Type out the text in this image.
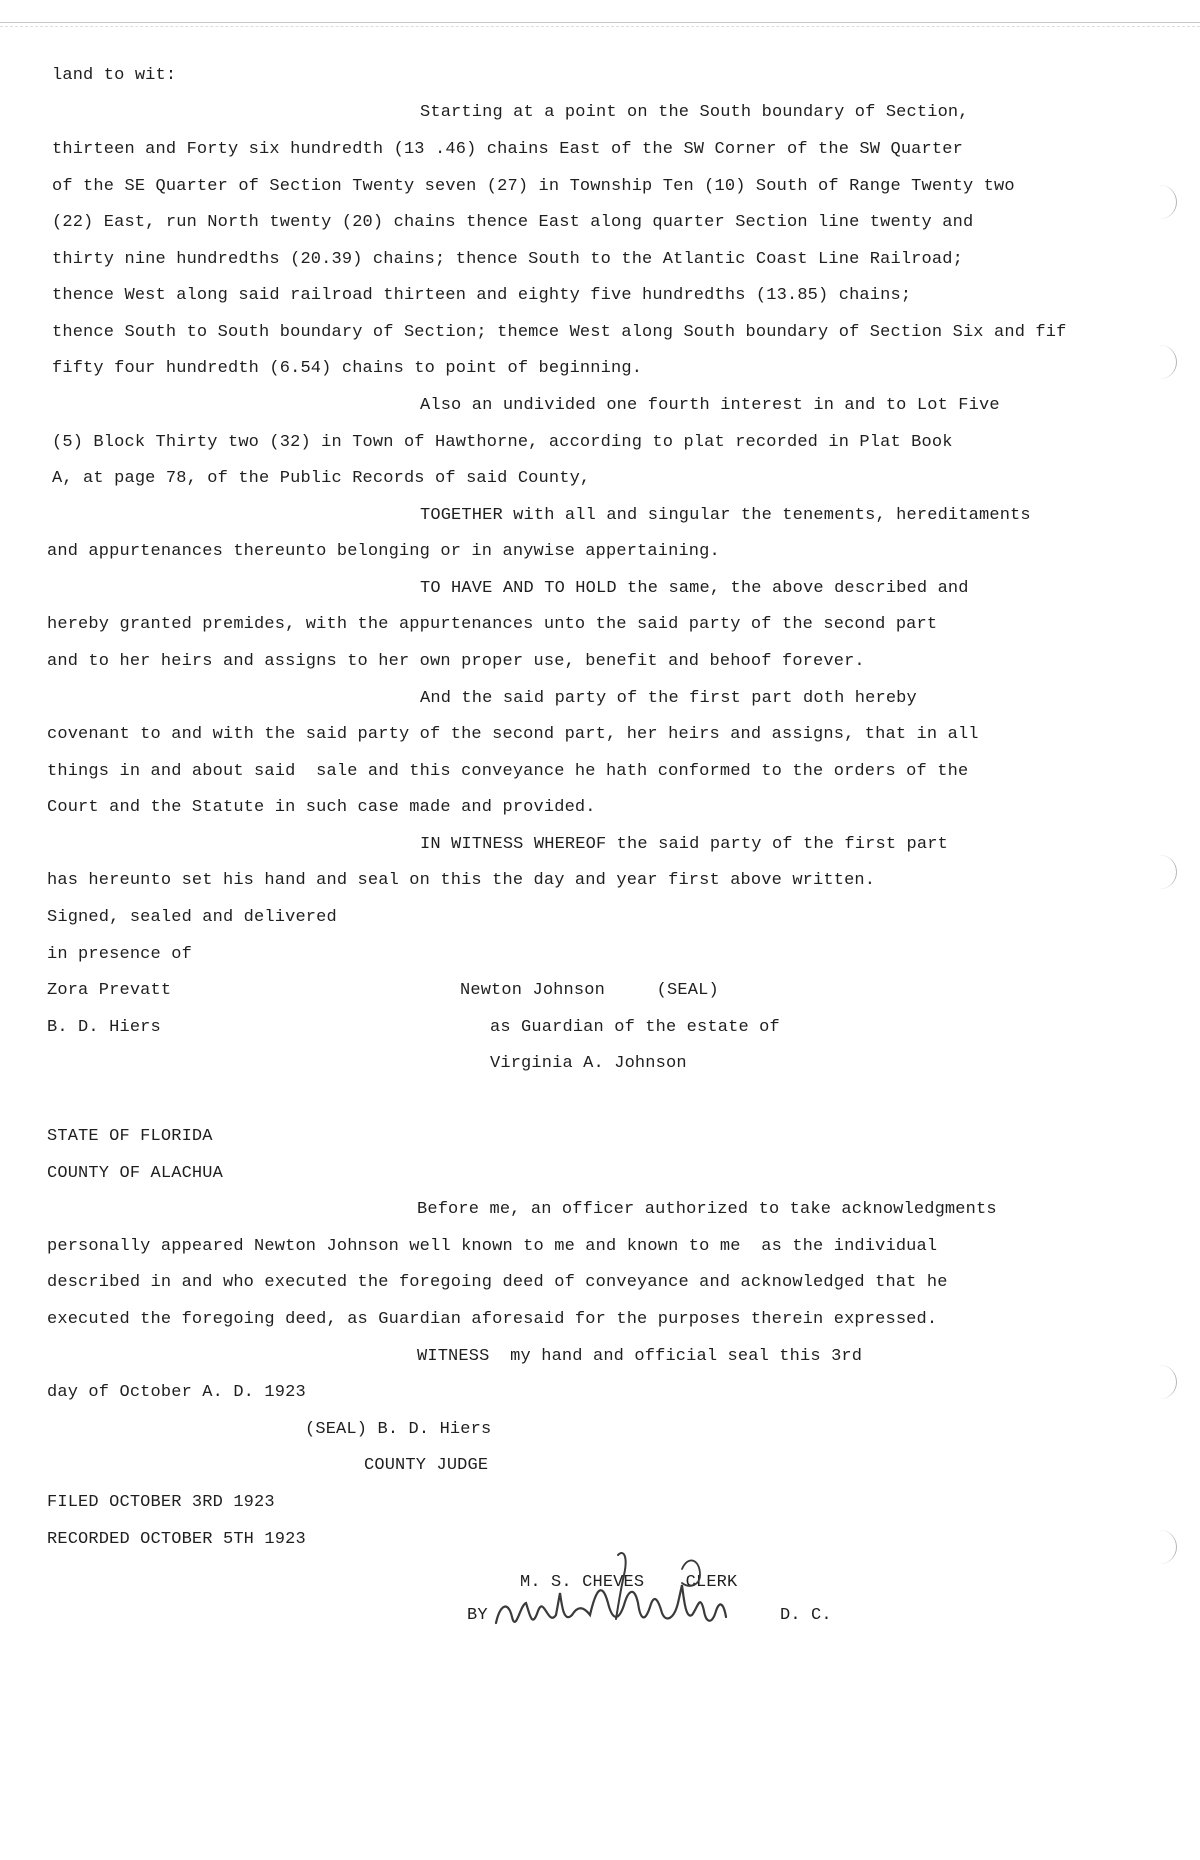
land to wit:
Starting at a point on the South boundary of Section,
thirteen and Forty six hundredth (13 .46) chains East of the SW Corner of the SW Quarter
of the SE Quarter of Section Twenty seven (27) in Township Ten (10) South of Range Twenty two
(22) East, run North twenty (20) chains thence East along quarter Section line twenty and
thirty nine hundredths (20.39) chains; thence South to the Atlantic Coast Line Railroad;
thence West along said railroad thirteen and eighty five hundredths (13.85) chains;
thence South to South boundary of Section; themce West along South boundary of Section Six and fif
fifty four hundredth (6.54) chains to point of beginning.
Also an undivided one fourth interest in and to Lot Five
(5) Block Thirty two (32) in Town of Hawthorne, according to plat recorded in Plat Book
A, at page 78, of the Public Records of said County,
TOGETHER with all and singular the tenements, hereditaments
and appurtenances thereunto belonging or in anywise appertaining.
TO HAVE AND TO HOLD the same, the above described and
hereby granted premides, with the appurtenances unto the said party of the second part
and to her heirs and assigns to her own proper use, benefit and behoof forever.
And the said party of the first part doth hereby
covenant to and with the said party of the second part, her heirs and assigns, that in all
things in and about said  sale and this conveyance he hath conformed to the orders of the
Court and the Statute in such case made and provided.
IN WITNESS WHEREOF the said party of the first part
has hereunto set his hand and seal on this the day and year first above written.
Signed, sealed and delivered
in presence of
Zora Prevatt	Newton Johnson     (SEAL)
B. D. Hiers	as Guardian of the estate of
Virginia A. Johnson
STATE OF FLORIDA
COUNTY OF ALACHUA
Before me, an officer authorized to take acknowledgments
personally appeared Newton Johnson well known to me and known to me  as the individual
described in and who executed the foregoing deed of conveyance and acknowledged that he
executed the foregoing deed, as Guardian aforesaid for the purposes therein expressed.
WITNESS  my hand and official seal this 3rd
day of October A. D. 1923
(SEAL) B. D. Hiers
COUNTY JUDGE
FILED OCTOBER 3RD 1923
RECORDED OCTOBER 5TH 1923
M. S. CHEVES    CLERK
BY	D. C.
